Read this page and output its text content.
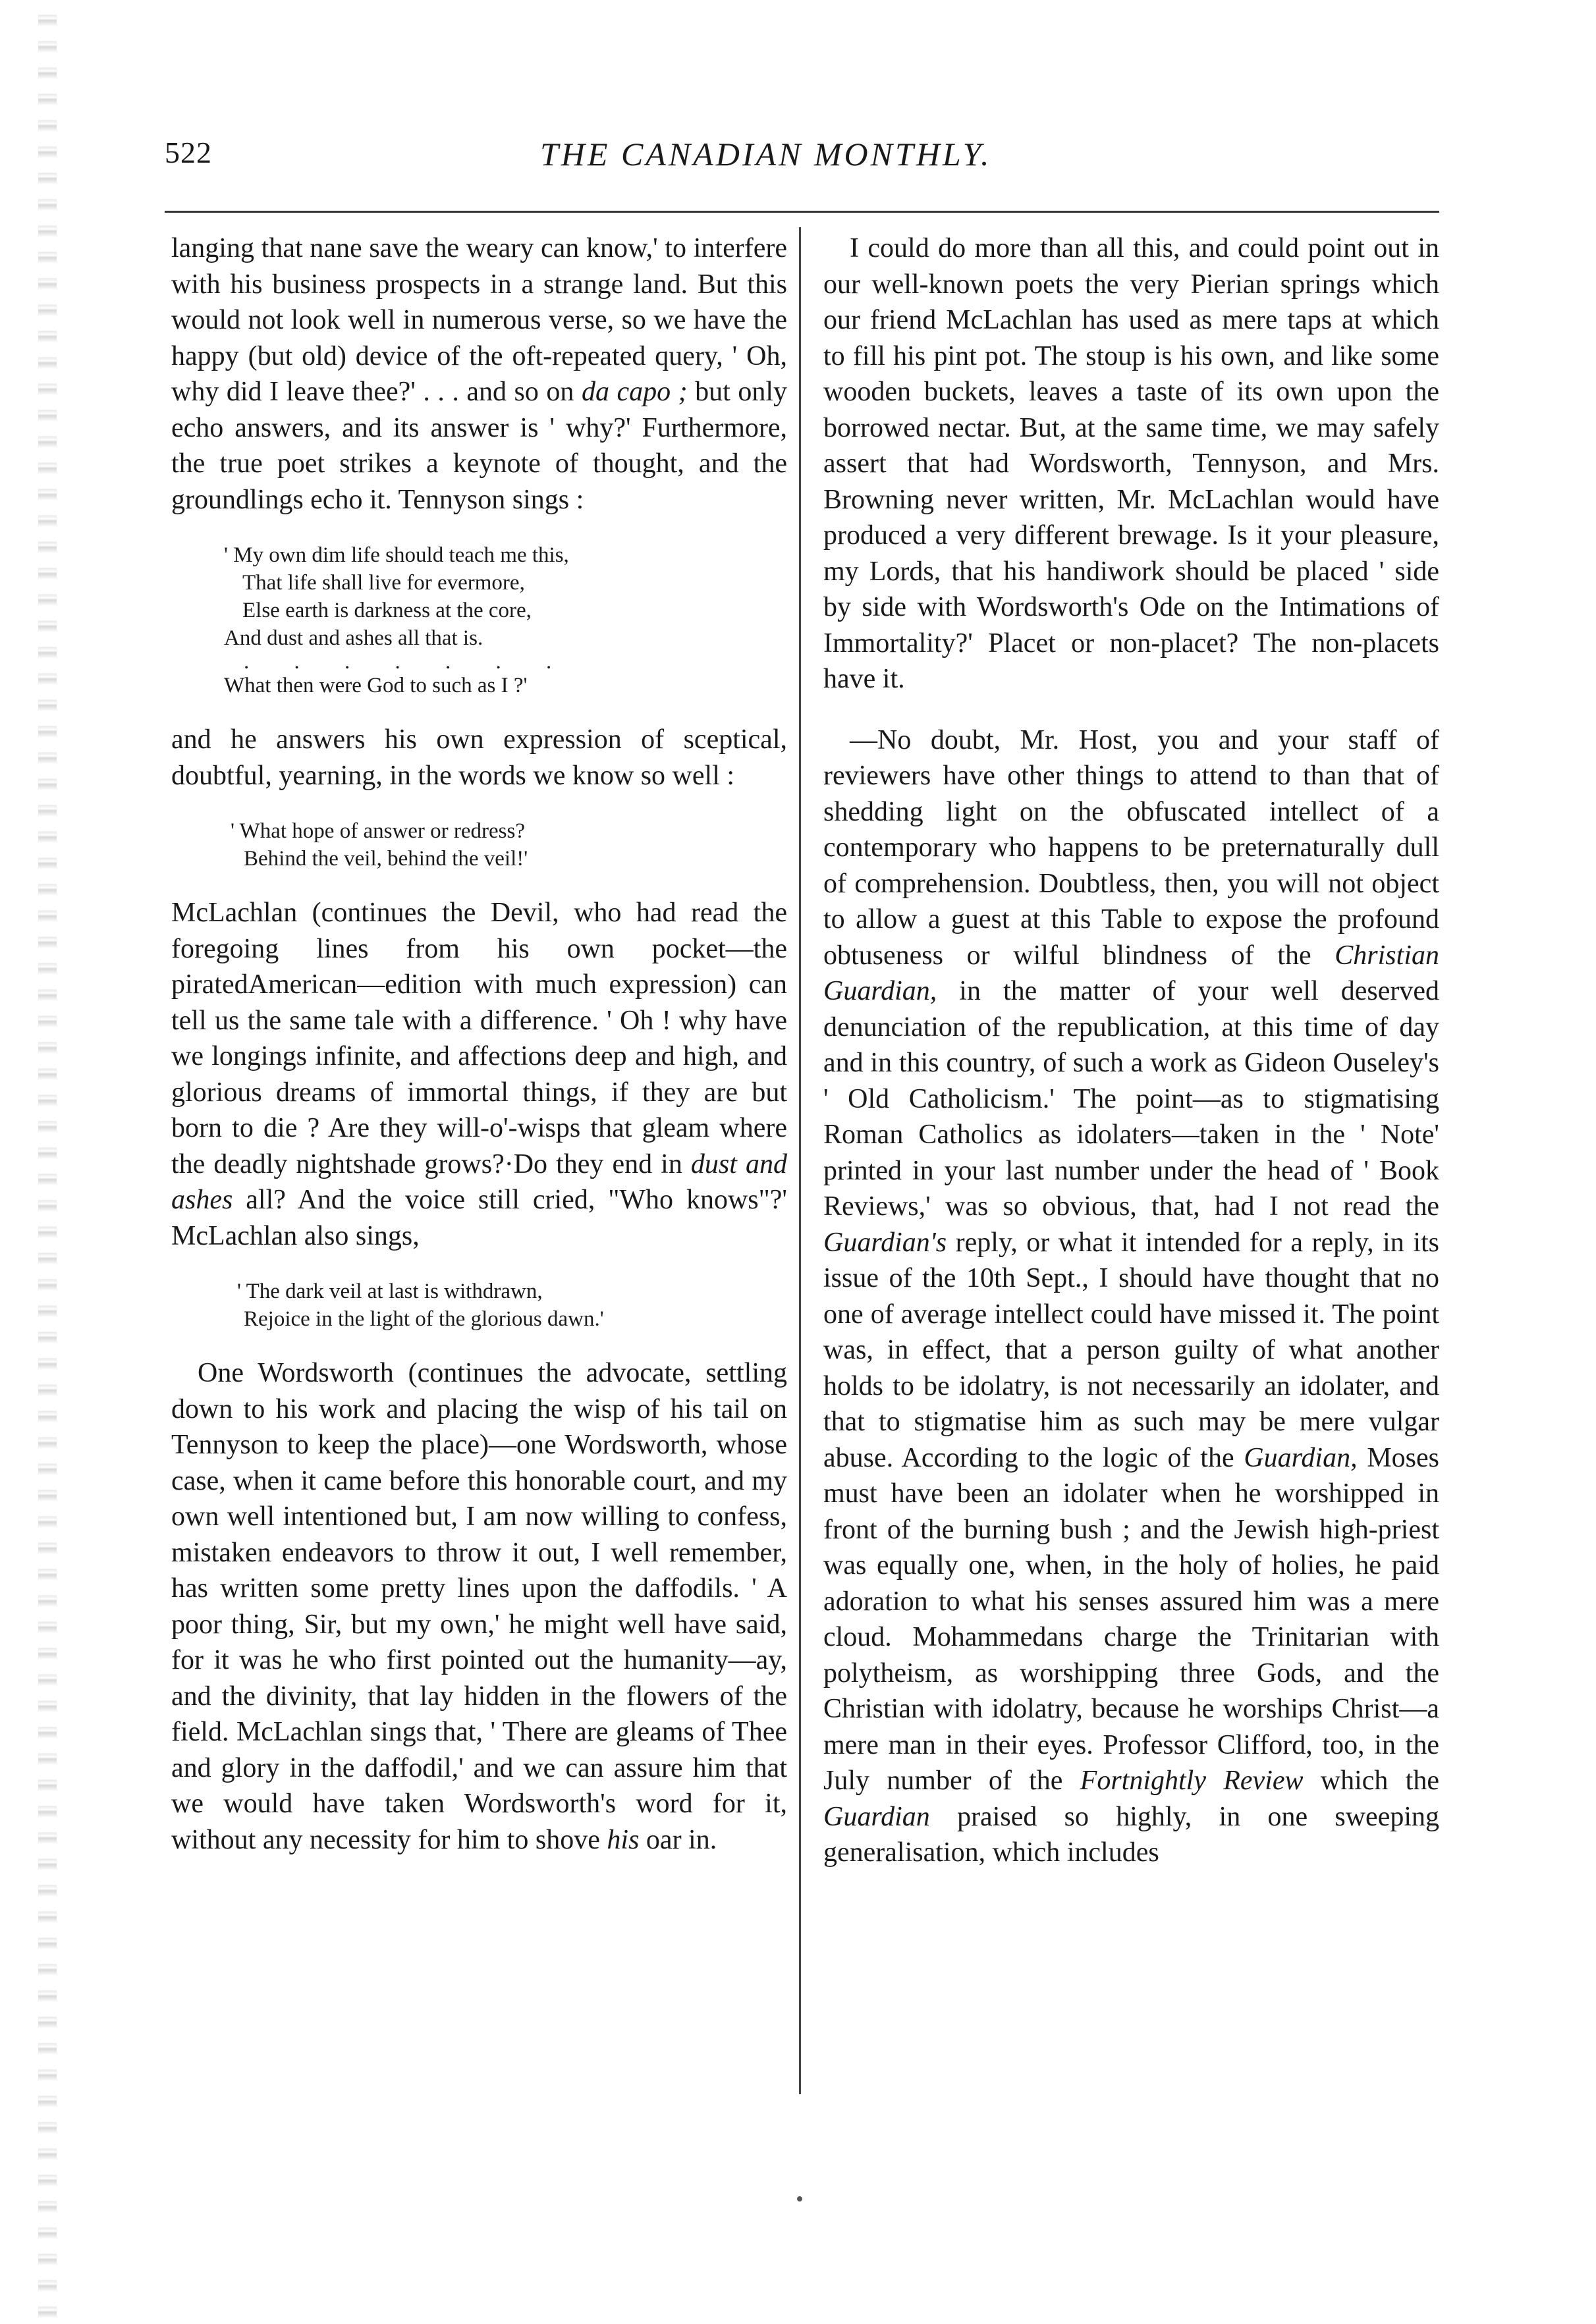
522	THE CANADIAN MONTHLY.

langing that nane save the weary can know,' to interfere with his business prospects in a strange land. But this would not look well in numerous verse, so we have the happy (but old) device of the oft-repeated query, ' Oh, why did I leave thee?' . . . and so on da capo ; but only echo answers, and its answer is ' why?' Furthermore, the true poet strikes a keynote of thought, and the groundlings echo it. Tennyson sings :

' My own dim life should teach me this,
That life shall live for evermore,
Else earth is darkness at the core,
And dust and ashes all that is.
. . . . . . .
What then were God to such as I ?'

and he answers his own expression of sceptical, doubtful, yearning, in the words we know so well :

' What hope of answer or redress?
Behind the veil, behind the veil!'

McLachlan (continues the Devil, who had read the foregoing lines from his own pocket—the piratedAmerican—edition with much expression) can tell us the same tale with a difference. ' Oh ! why have we longings infinite, and affections deep and high, and glorious dreams of immortal things, if they are but born to die ? Are they will-o'-wisps that gleam where the deadly nightshade grows?·Do they end in dust and ashes all? And the voice still cried, "Who knows"?' McLachlan also sings,

' The dark veil at last is withdrawn,
Rejoice in the light of the glorious dawn.'

One Wordsworth (continues the advocate, settling down to his work and placing the wisp of his tail on Tennyson to keep the place)—one Wordsworth, whose case, when it came before this honorable court, and my own well intentioned but, I am now willing to confess, mistaken endeavors to throw it out, I well remember, has written some pretty lines upon the daffodils. ' A poor thing, Sir, but my own,' he might well have said, for it was he who first pointed out the humanity—ay, and the divinity, that lay hidden in the flowers of the field. McLachlan sings that, ' There are gleams of Thee and glory in the daffodil,' and we can assure him that we would have taken Wordsworth's word for it, without any necessity for him to shove his oar in.

I could do more than all this, and could point out in our well-known poets the very Pierian springs which our friend McLachlan has used as mere taps at which to fill his pint pot. The stoup is his own, and like some wooden buckets, leaves a taste of its own upon the borrowed nectar. But, at the same time, we may safely assert that had Wordsworth, Tennyson, and Mrs. Browning never written, Mr. McLachlan would have produced a very different brewage. Is it your pleasure, my Lords, that his handiwork should be placed ' side by side with Wordsworth's Ode on the Intimations of Immortality?' Placet or non-placet? The non-placets have it.

—No doubt, Mr. Host, you and your staff of reviewers have other things to attend to than that of shedding light on the obfuscated intellect of a contemporary who happens to be preternaturally dull of comprehension. Doubtless, then, you will not object to allow a guest at this Table to expose the profound obtuseness or wilful blindness of the Christian Guardian, in the matter of your well deserved denunciation of the republication, at this time of day and in this country, of such a work as Gideon Ouseley's ' Old Catholicism.' The point—as to stigmatising Roman Catholics as idolaters—taken in the ' Note' printed in your last number under the head of ' Book Reviews,' was so obvious, that, had I not read the Guardian's reply, or what it intended for a reply, in its issue of the 10th Sept., I should have thought that no one of average intellect could have missed it. The point was, in effect, that a person guilty of what another holds to be idolatry, is not necessarily an idolater, and that to stigmatise him as such may be mere vulgar abuse. According to the logic of the Guardian, Moses must have been an idolater when he worshipped in front of the burning bush ; and the Jewish high-priest was equally one, when, in the holy of holies, he paid adoration to what his senses assured him was a mere cloud. Mohammedans charge the Trinitarian with polytheism, as worshipping three Gods, and the Christian with idolatry, because he worships Christ—a mere man in their eyes. Professor Clifford, too, in the July number of the Fortnightly Review which the Guardian praised so highly, in one sweeping generalisation, which includes
